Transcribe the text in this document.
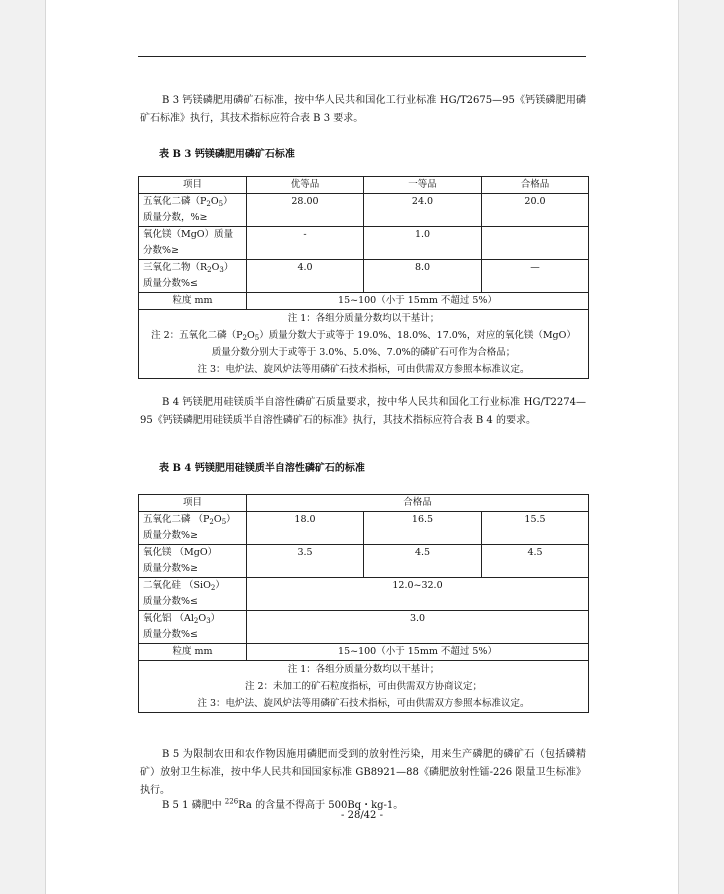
B 3 钙镁磷肥用磷矿石标准，按中华人民共和国化工行业标准 HG/T2675—95《钙镁磷肥用磷矿石标准》执行，其技术指标应符合表 B 3 要求。
表 B 3 钙镁磷肥用磷矿石标准
项目	优等品	一等品	合格品
五氧化二磷$(P_2O_5)$
质量分数，%≥	28.00	24.0	20.0
氧化镁（MgO）质量
分数%≥	-	1.0	
三氧化二物$(R_2O_3)$
质量分数%≤	4.0	8.0	—
粒度 mm	15~100（小于 15mm 不超过 5%）		
注 1：各组分质量分数均以干基计；
注 2：五氧化二磷$(P_2O_5)$质量分数大于或等于 19.0%、18.0%、17.0%，对应的氧化镁（MgO）
质量分数分别大于或等于 3.0%、5.0%、7.0%的磷矿石可作为合格品；
注 3：电炉法、旋风炉法等用磷矿石技术指标，可由供需双方参照本标准议定。			
B 4 钙镁肥用硅镁质半自溶性磷矿石质量要求，按中华人民共和国化工行业标准 HG/T2274—95《钙镁磷肥用硅镁质半自溶性磷矿石的标准》执行，其技术指标应符合表 B 4 的要求。
表 B 4 钙镁肥用硅镁质半自溶性磷矿石的标准
项目	合格品		
五氧化二磷 $(P_2O_5)$
质量分数%≥	18.0	16.5	15.5
氧化镁 （MgO）
质量分数%≥	3.5	4.5	4.5
二氧化硅 （SiO$_2$）
质量分数%≤	12.0~32.0		
氧化铝 $(Al_2O_3)$
质量分数%≤	3.0		
粒度 mm	15~100（小于 15mm 不超过 5%）		
注 1：各组分质量分数均以干基计；
注 2：未加工的矿石粒度指标，可由供需双方协商议定；
注 3：电炉法、旋风炉法等用磷矿石技术指标，可由供需双方参照本标准议定。			
B 5 为限制农田和农作物因施用磷肥而受到的放射性污染，用来生产磷肥的磷矿石（包括磷精矿）放射卫生标准，按中华人民共和国国家标准 GB8921—88《磷肥放射性镭-226 限量卫生标准》执行。
B 5 1 磷肥中 $^{226}$Ra 的含量不得高于 500Bq・kg-1。
- 28/42 -
